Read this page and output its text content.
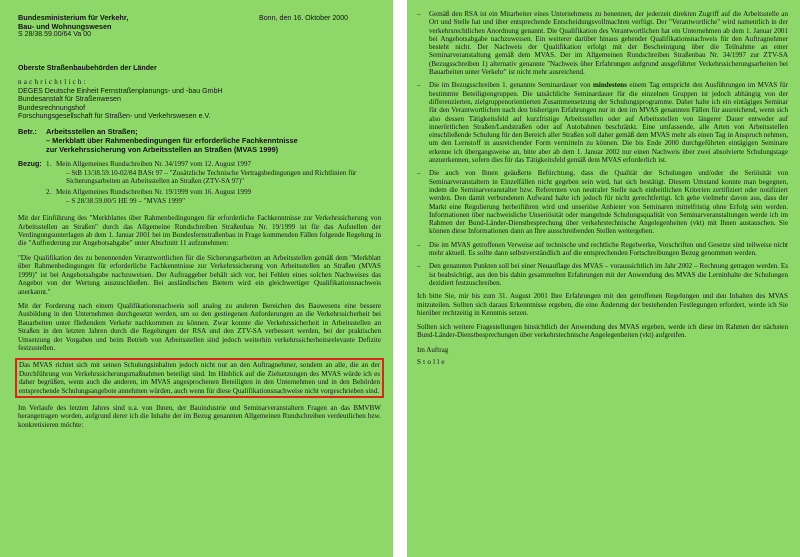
Bundesministerium für Verkehr,
Bau- und Wohnungswesen
S 28/38.59.00/64 Va 00
Bonn, den 16. Oktober 2000
Oberste Straßenbaubehörden der Länder
nachrichtlich:
DEGES Deutsche Einheit Fernstraßenplanungs- und -bau GmbH
Bundesanstalt für Straßenwesen
Bundesrechnungshof
Forschungsgesellschaft für Straßen- und Verkehrswesen e.V.
Betr.:	Arbeitsstellen an Straßen;
– Merkblatt über Rahmenbedingungen für erforderliche Fachkenntnisse
zur Verkehrssicherung von Arbeitsstellen an Straßen (MVAS 1999)
Bezug: 1. Mein Allgemeines Rundschreiben Nr. 34/1997 vom 12. August 1997
– StB 13/38.59.10-02/84 BASt 97 – "Zusätzliche Technische Vertragsbedingungen und Richtlinien für Sicherungsarbeiten an Arbeitsstellen an Straßen (ZTV-SA 97)"
2. Mein Allgemeines Rundschreiben Nr. 19/1999 vom 16. August 1999
– S 28/38.59.00/5 HE 99 – "MVAS 1999"

Mit der Einführung des "Merkblattes über Rahmenbedingungen für erforderliche Fachkenntnisse zur Verkehrssicherung von Arbeitsstellen an Straßen" durch das Allgemeine Rundschreiben Straßenbau Nr. 19/1999 ist für das Aufstellen der Verdingungsunterlagen ab dem 1. Januar 2001 bei im Bundesfernstraßenbau in Frage kommenden Fällen folgende Regelung in die "Aufforderung zur Angebotsabgabe" unter Abschnitt 11 aufzunehmen:

"Die Qualifikation des zu benennenden Verantwortlichen für die Sicherungsarbeiten an Arbeitsstellen gemäß dem "Merkblatt über Rahmenbedingungen für erforderliche Fachkenntnisse zur Verkehrssicherung von Arbeitsstellen an Straßen (MVAS 1999)" ist bei Angebotsabgabe nachzuweisen. Der Auftraggeber behält sich vor, bei Fehlen eines solchen Nachweises das Angebot von der Wertung auszuschließen. Bei ausländischen Bietern wird ein gleichwertiger Qualifikationsnachweis anerkannt."

Mit der Forderung nach einem Qualifikationsnachweis soll analog zu anderen Bereichen des Bauwesens eine bessere Ausbildung in den Unternehmen durchgesetzt werden, um so den gestiegenen Anforderungen an die Verkehrssicherheit bei Bauarbeiten unter fließendem Verkehr nachkommen zu können. Zwar konnte die Verkehrssicherheit in Arbeitsstellen an Straßen in den letzten Jahren durch die Regelungen der RSA und den ZTV-SA verbessert werden, bei der praktischen Umsetzung der Vorgaben und beim Betrieb von Arbeitsstellen sind jedoch weiterhin verkehrssicherheitsrelevante Defizite festzustellen.

Das MVAS richtet sich mit seinen Schulungsinhalten jedoch nicht nur an den Auftragnehmer, sondern an alle, die an der Durchführung von Verkehrssicherungsmaßnahmen beteiligt sind. Im Hinblick auf die Zielsetzungen des MVAS würde ich es daher begrüßen, wenn auch die anderen, im MVAS angesprochenen Beteiligten in den Unternehmen und in den Behörden entsprechende Schulungsangebote annehmen würden, auch wenn für diese Qualifikationsnachweise nicht vorgeschrieben sind.

Im Verlaufe des letzten Jahres sind u.a. von Ihnen, der Bauindustrie und Seminarveranstaltern Fragen an das BMVBW herangetragen worden, aufgrund derer ich die Inhalte der im Bezug genannten Allgemeinen Rundschreiben verdeutlichen bzw. konkretisieren möchte:

–	Gemäß den RSA ist ein Mitarbeiter eines Unternehmens zu benennen, der jederzeit direkten Zugriff auf die Arbeitsstelle an Ort und Stelle hat und über entsprechende Entscheidungsvollmachten verfügt. Der "Verantwortliche" wird namentlich in der verkehrsrechtlichen Anordnung genannt. Die Qualifikation des Verantwortlichen hat ein Unternehmen ab dem 1. Januar 2001 bei Angebotsabgabe nachzuweisen. Ein weiterer darüber hinaus gehender Qualifikationsnachweis für den Auftragnehmer besteht nicht. Der Nachweis der Qualifikation erfolgt mit der Bescheinigung über die Teilnahme an einer Seminarveranstaltung gemäß dem MVAS. Der im Allgemeinen Rundschreiben Straßenbau Nr. 34/1997 zur ZTV-SA (Bezugsschreiben 1) alternativ genannte "Nachweis über Erfahrungen aufgrund ausgeführter Verkehrssicherungsarbeiten bei Bauarbeiten unter Verkehr" ist nicht mehr ausreichend.
–	Die im Bezugsschreiben 1. genannte Seminardauer von mindestens einem Tag entspricht den Ausführungen im MVAS für bestimmte Beteiligtengruppen. Die tatsächliche Seminardauer für die einzelnen Gruppen ist jedoch abhängig von der differenzierten, zielgruppenorientierten Zusammensetzung der Schulungsprogramme. Daher halte ich ein eintägiges Seminar für den Verantwortlichen nach den bisherigen Erfahrungen nur in den im MVAS genannten Fällen für ausreichend, wenn sich also dessen Tätigkeitsfeld auf kurzfristige Arbeitsstellen oder auf Arbeitsstellen von längerer Dauer entweder auf innerörtlichen Straßen/Landstraßen oder auf Autobahnen beschränkt. Eine umfassende, alle Arten von Arbeitsstellen einschließende Schulung für den Bereich aller Straßen soll daher gemäß dem MVAS mehr als einen Tag in Anspruch nehmen, um den Lernstoff in ausreichender Form vermitteln zu können. Die bis Ende 2000 durchgeführten eintägigen Seminare erkenne ich übergangsweise an, bitte aber ab dem 1. Januar 2002 nur einen Nachweis über zwei absolvierte Schulungstage anzuerkennen, sofern dies für das Tätigkeitsfeld gemäß dem MVAS erforderlich ist.
–	Die auch von Ihnen geäußerte Befürchtung, dass die Qualität der Schulungen und/oder die Seriösität von Seminarveranstaltern in Einzelfällen nicht gegeben sein wird, hat sich bestätigt. Diesem Umstand konnte man begegnen, indem die Seminarveranstalter bzw. Referenten von neutraler Stelle nach einheitlichen Kriterien zertifiziert oder notifiziert werden. Den damit verbundenen Aufwand halte ich jedoch für nicht gerechtfertigt. Ich gehe vielmehr davon aus, dass der Markt eine Regulierung herbeiführen wird und unseriöse Anbieter von Seminaren mittelfristig ohne Erfolg sein werden. Informationen über nachweisliche Unseriösität oder mangelnde Schulungsqualität von Seminarveranstaltungen werde ich im Rahmen der Bund-Länder-Dienstbesprechung über verkehrstechnische Angelegenheiten (vkt) mit Ihnen austauschen. Sie können diese Informationen dann an Ihre ausschreibenden Stellen weitergeben.
–	Die im MVAS getroffenen Verweise auf technische und rechtliche Regelwerke, Vorschriften und Gesetze sind teilweise nicht mehr aktuell. Es sollte dann selbstverständlich auf die entsprechenden Fortschreibungen Bezug genommen werden.
–	Den genannten Punkten soll bei einer Neuauflage des MVAS – voraussichtlich im Jahr 2002 – Rechnung getragen werden. Es ist beabsichtigt, aus den bis dahin gesammelten Erfahrungen mit der Anwendung des MVAS die Lerninhalte der Schulungen dezidiert festzuschreiben.

Ich bitte Sie, mir bis zum 31. August 2001 Ihre Erfahrungen mit den getroffenen Regelungen und den Inhalten des MVAS mitzuteilen. Sollten sich daraus Erkenntnisse ergeben, die eine Änderung der bestehenden Festlegungen erfordert, werde ich Sie hierüber rechtzeitig in Kenntnis setzen.

Sollten sich weitere Fragestellungen hinsichtlich der Anwendung des MVAS ergeben, werde ich diese im Rahmen der nächsten Bund-Länder-Dienstbesprechungen über verkehrstechnische Angelegenheiten (vkt) aufgreifen.

Im Auftrag
Stolle
